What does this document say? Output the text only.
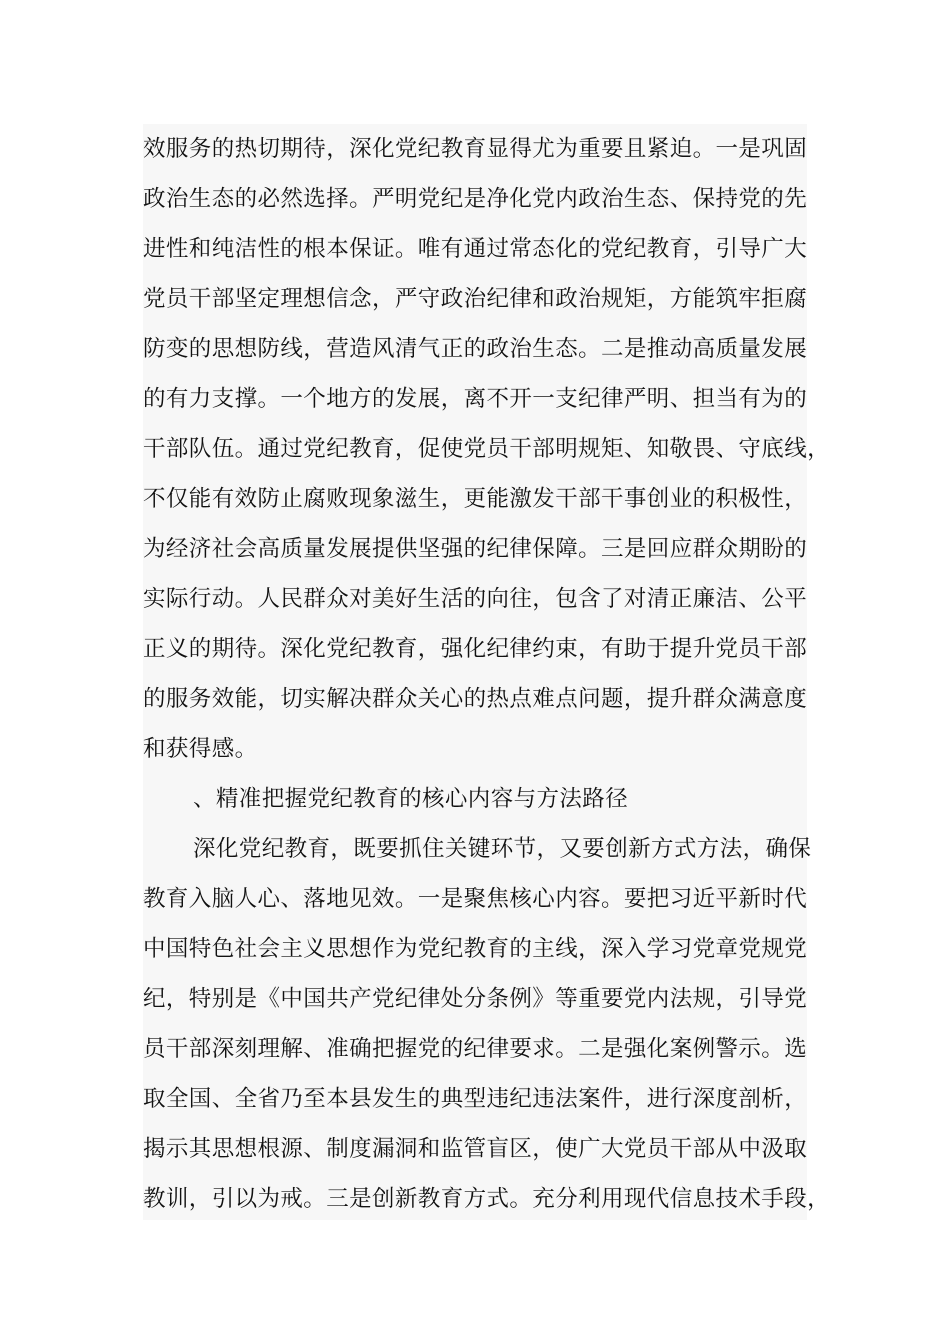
效服务的热切期待，深化党纪教育显得尤为重要且紧迫。一是巩固
政治生态的必然选择。严明党纪是净化党内政治生态、保持党的先
进性和纯洁性的根本保证。唯有通过常态化的党纪教育，引导广大
党员干部坚定理想信念，严守政治纪律和政治规矩，方能筑牢拒腐
防变的思想防线，营造风清气正的政治生态。二是推动高质量发展
的有力支撑。一个地方的发展，离不开一支纪律严明、担当有为的
干部队伍。通过党纪教育，促使党员干部明规矩、知敬畏、守底线，
不仅能有效防止腐败现象滋生，更能激发干部干事创业的积极性，
为经济社会高质量发展提供坚强的纪律保障。三是回应群众期盼的
实际行动。人民群众对美好生活的向往，包含了对清正廉洁、公平
正义的期待。深化党纪教育，强化纪律约束，有助于提升党员干部
的服务效能，切实解决群众关心的热点难点问题，提升群众满意度
和获得感。
、精准把握党纪教育的核心内容与方法路径
深化党纪教育，既要抓住关键环节，又要创新方式方法，确保
教育入脑人心、落地见效。一是聚焦核心内容。要把习近平新时代
中国特色社会主义思想作为党纪教育的主线，深入学习党章党规党
纪，特别是《中国共产党纪律处分条例》等重要党内法规，引导党
员干部深刻理解、准确把握党的纪律要求。二是强化案例警示。选
取全国、全省乃至本县发生的典型违纪违法案件，进行深度剖析，
揭示其思想根源、制度漏洞和监管盲区，使广大党员干部从中汲取
教训，引以为戒。三是创新教育方式。充分利用现代信息技术手段，
